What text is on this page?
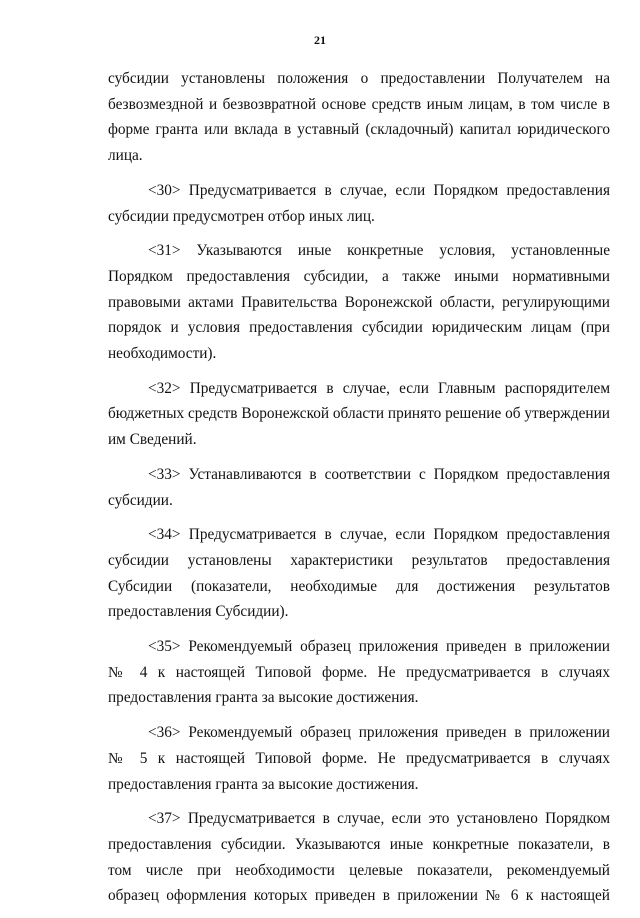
21
субсидии установлены положения о предоставлении Получателем на
безвозмездной и безвозвратной основе средств иным лицам, в том числе в
форме гранта или вклада в уставный (складочный) капитал юридического
лица.
<30> Предусматривается в случае, если Порядком предоставления
субсидии предусмотрен отбор иных лиц.
<31> Указываются иные конкретные условия, установленные
Порядком предоставления субсидии, а также иными нормативными
правовыми актами Правительства Воронежской области, регулирующими
порядок и условия предоставления субсидии юридическим лицам (при
необходимости).
<32> Предусматривается в случае, если Главным распорядителем
бюджетных средств Воронежской области принято решение об утверждении
им Сведений.
<33> Устанавливаются в соответствии с Порядком предоставления
субсидии.
<34> Предусматривается в случае, если Порядком предоставления
субсидии установлены характеристики результатов предоставления
Субсидии (показатели, необходимые для достижения результатов
предоставления Субсидии).
<35> Рекомендуемый образец приложения приведен в приложении
№ 4 к настоящей Типовой форме. Не предусматривается в случаях
предоставления гранта за высокие достижения.
<36> Рекомендуемый образец приложения приведен в приложении
№ 5 к настоящей Типовой форме. Не предусматривается в случаях
предоставления гранта за высокие достижения.
<37> Предусматривается в случае, если это установлено Порядком
предоставления субсидии. Указываются иные конкретные показатели, в
том числе при необходимости целевые показатели, рекомендуемый
образец оформления которых приведен в приложении № 6 к настоящей
